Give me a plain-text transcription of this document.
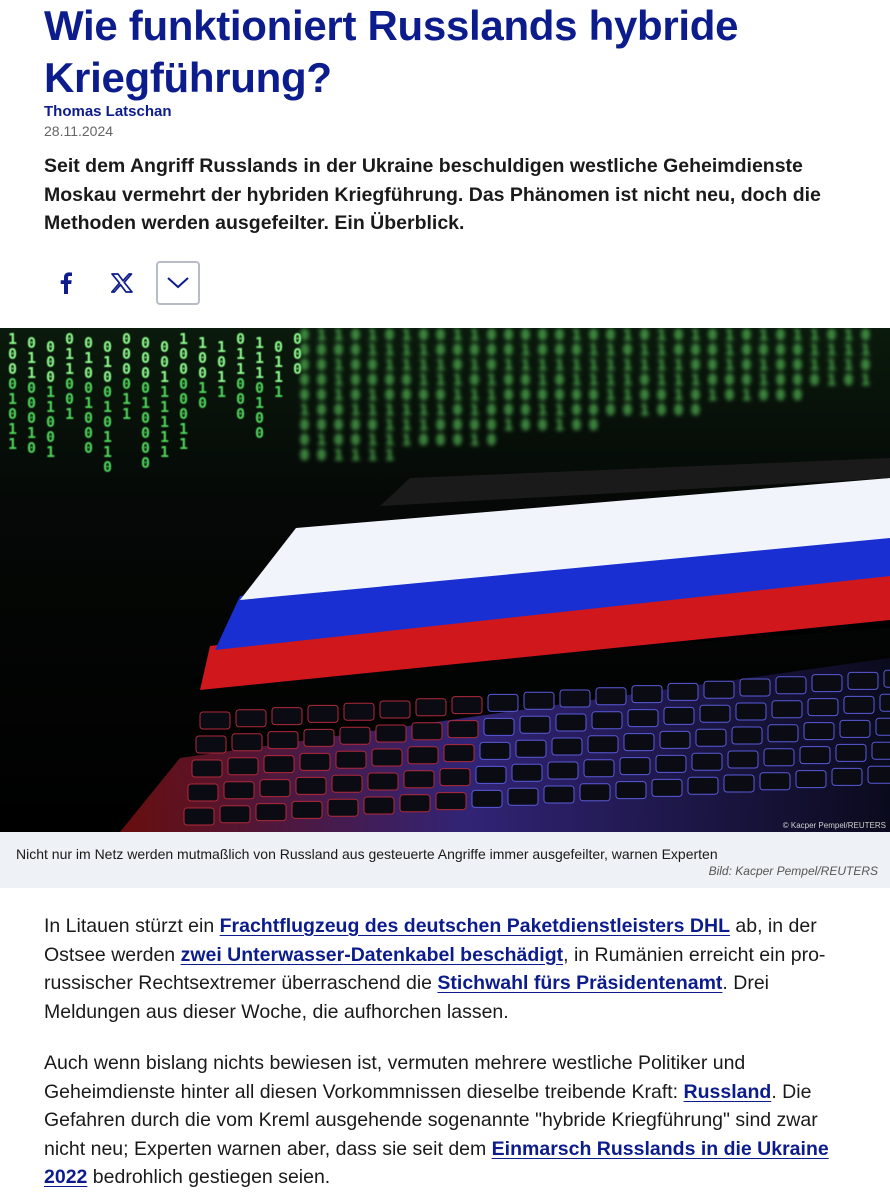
Wie funktioniert Russlands hybride Kriegführung?
Thomas Latschan
28.11.2024
Seit dem Angriff Russlands in der Ukraine beschuldigen westliche Geheimdienste Moskau vermehrt der hybriden Kriegführung. Das Phänomen ist nicht neu, doch die Methoden werden ausgefeilter. Ein Überblick.
1
0
0
0
1
0
1
1
0
1
1
0
0
0
1
0
0
0
0
1
1
0
0
1
0
1
1
0
0
1
0
1
0
0
1
0
0
0
0
1
0
0
1
0
1
1
0
0
0
0
0
1
1
0
0
0
0
1
0
0
0
0
0
0
1
1
1
1
1
1
1
0
0
0
0
0
1
1
1
0
0
1
0
1
0
1
1
0
1
1
0
0
0
1
1
1
0
1
0
0
0
1
1
1
0
0
0
0
0
0
0
0
1
0
0
0
1
0
0
0
0
0
0
1
0
1
0
1
1
1
0
0
0
1
0
0
0
0
0
1
0
0
1
1
1
0
0
1
1
0
1
1
0
1
1
0
0
1
1
1
1
1
1
1
0
0
1
1
1
0
1
1
1
0
1
1
0
0
0
1
1
0
1
0
0
1
0
0
1
1
0
0
0
1
0
1
0
1
1
0
1
0
0
0
1
1
0
0
0
0
0
1
0
0
0
1
0
1
1
0
0
0
0
0
0
1
1
0
1
0
0
0
1
0
0
1
1
1
0
1
1
0
0
0
0
1
1
1
0
0
0
0
1
1
1
1
0
1
0
1
1
1
0
0
1
1
0
0
1
1
1
1
1
0
0
0
0
1
1
1
0
1
0
0
1
0
0
0
0
0
0
1
1
1
1
0
0
0
0
0
0
1
1
0
1
1
0
0
0
0
0
0
1
0
0
0
0
1
1
1
0
0
1
1
1
1
1
1
0
0
1
0
1
© Kacper Pempel/REUTERS
Nicht nur im Netz werden mutmaßlich von Russland aus gesteuerte Angriffe immer ausgefeilter, warnen Experten
Bild: Kacper Pempel/REUTERS

In Litauen stürzt ein Frachtflugzeug des deutschen Paketdienstleisters DHL ab, in der Ostsee werden zwei Unterwasser-Datenkabel beschädigt, in Rumänien erreicht ein pro-russischer Rechtsextremer überraschend die Stichwahl fürs Präsidentenamt. Drei Meldungen aus dieser Woche, die aufhorchen lassen.

Auch wenn bislang nichts bewiesen ist, vermuten mehrere westliche Politiker und Geheimdienste hinter all diesen Vorkommnissen dieselbe treibende Kraft: Russland. Die Gefahren durch die vom Kreml ausgehende sogenannte "hybride Kriegführung" sind zwar nicht neu; Experten warnen aber, dass sie seit dem Einmarsch Russlands in die Ukraine 2022 bedrohlich gestiegen seien.
